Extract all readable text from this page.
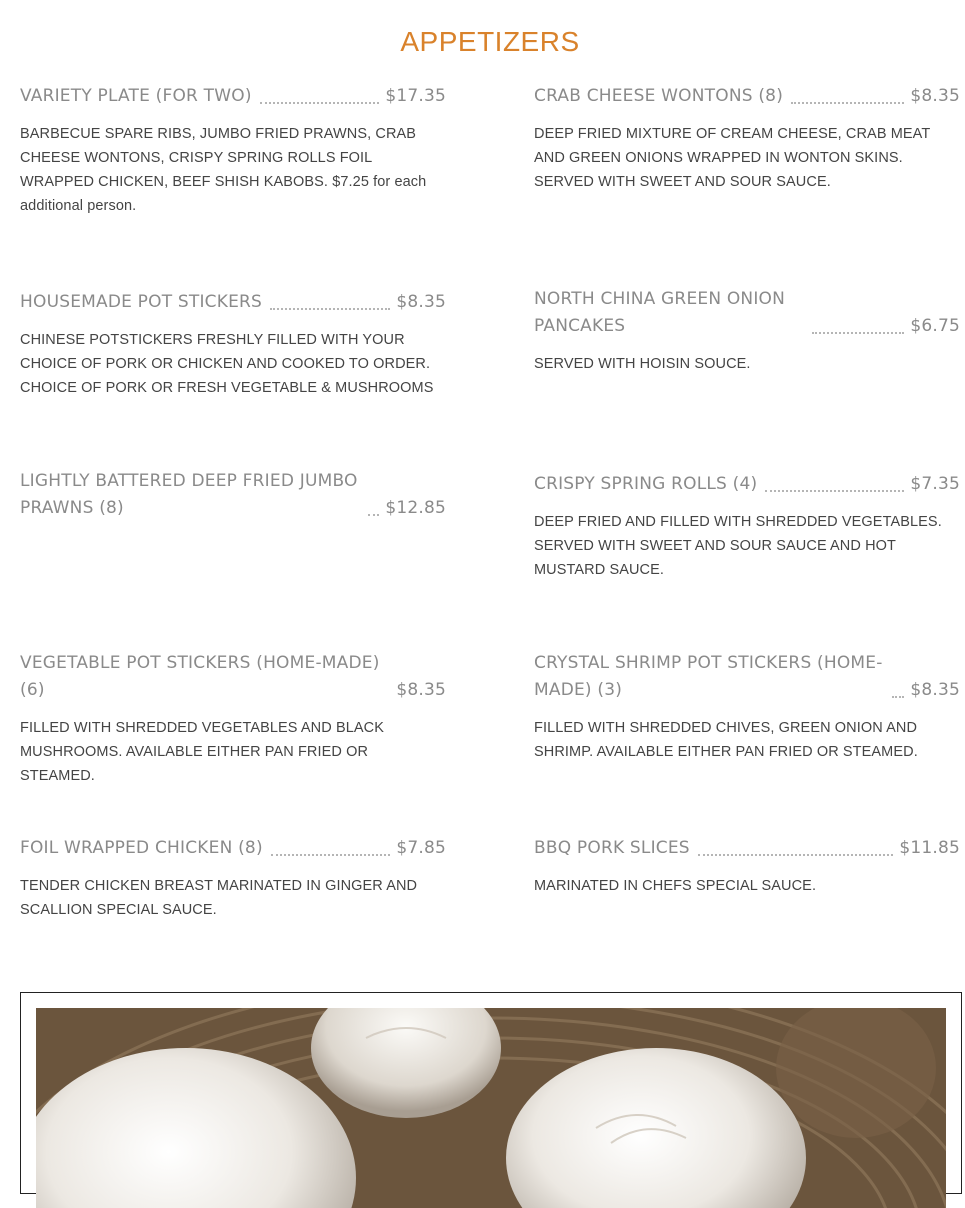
APPETIZERS
VARIETY PLATE (FOR TWO)	$17.35
BARBECUE SPARE RIBS, JUMBO FRIED PRAWNS, CRAB CHEESE WONTONS, CRISPY SPRING ROLLS FOIL WRAPPED CHICKEN, BEEF SHISH KABOBS. $7.25 for each additional person.
CRAB CHEESE WONTONS (8)	$8.35
DEEP FRIED MIXTURE OF CREAM CHEESE, CRAB MEAT AND GREEN ONIONS WRAPPED IN WONTON SKINS. SERVED WITH SWEET AND SOUR SAUCE.
HOUSEMADE POT STICKERS	$8.35
CHINESE POTSTICKERS FRESHLY FILLED WITH YOUR CHOICE OF PORK OR CHICKEN AND COOKED TO ORDER. CHOICE OF PORK OR FRESH VEGETABLE & MUSHROOMS
NORTH CHINA GREEN ONION PANCAKES	$6.75
SERVED WITH HOISIN SOUCE.
LIGHTLY BATTERED DEEP FRIED JUMBO PRAWNS (8)	$12.85
CRISPY SPRING ROLLS (4)	$7.35
DEEP FRIED AND FILLED WITH SHREDDED VEGETABLES. SERVED WITH SWEET AND SOUR SAUCE AND HOT MUSTARD SAUCE.
VEGETABLE POT STICKERS (HOME-MADE) (6)	$8.35
FILLED WITH SHREDDED VEGETABLES AND BLACK MUSHROOMS. AVAILABLE EITHER PAN FRIED OR STEAMED.
CRYSTAL SHRIMP POT STICKERS (HOME-MADE) (3)	$8.35
FILLED WITH SHREDDED CHIVES, GREEN ONION AND SHRIMP. AVAILABLE EITHER PAN FRIED OR STEAMED.
FOIL WRAPPED CHICKEN (8)	$7.85
TENDER CHICKEN BREAST MARINATED IN GINGER AND SCALLION SPECIAL SAUCE.
BBQ PORK SLICES	$11.85
MARINATED IN CHEFS SPECIAL SAUCE.
